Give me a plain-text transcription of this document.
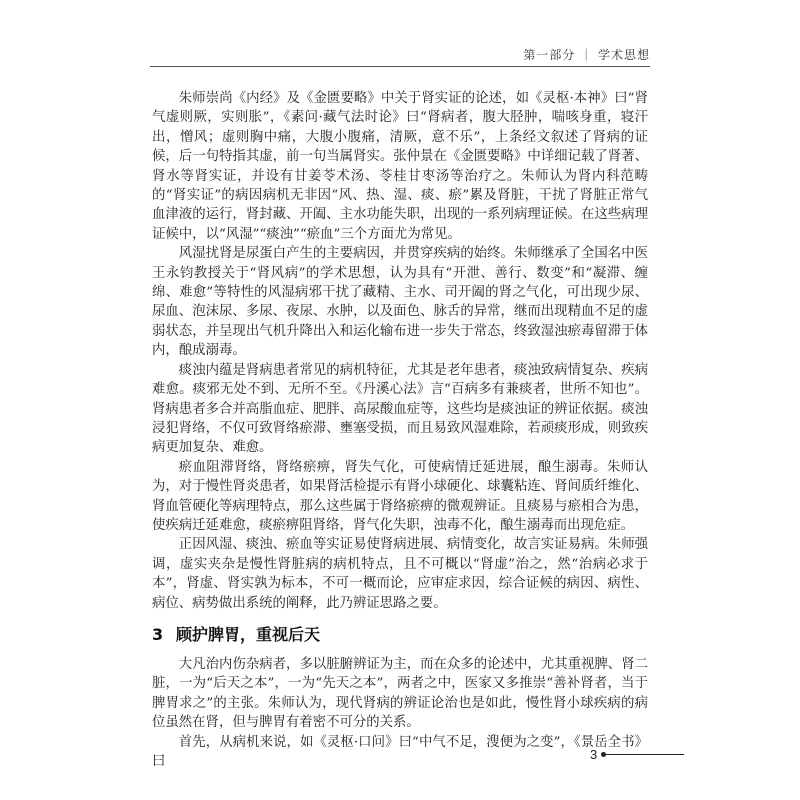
第一部分 ｜ 学术思想

朱师崇尚《内经》及《金匮要略》中关于肾实证的论述，如《灵枢·本神》曰“肾气虚则厥，实则胀”，《素问·藏气法时论》曰“肾病者，腹大胫肿，喘咳身重，寝汗出，憎风；虚则胸中痛，大腹小腹痛，清厥，意不乐”，上条经文叙述了肾病的证候，后一句特指其虚，前一句当属肾实。张仲景在《金匮要略》中详细记载了肾著、肾水等肾实证，并设有甘姜苓术汤、苓桂甘枣汤等治疗之。朱师认为肾内科范畴的“肾实证”的病因病机无非因“风、热、湿、痰、瘀”累及肾脏，干扰了肾脏正常气血津液的运行，肾封藏、开阖、主水功能失职，出现的一系列病理证候。在这些病理证候中，以“风湿”“痰浊”“瘀血”三个方面尤为常见。

风湿扰肾是尿蛋白产生的主要病因，并贯穿疾病的始终。朱师继承了全国名中医王永钧教授关于“肾风病”的学术思想，认为具有“开泄、善行、数变”和“凝滞、缠绵、难愈”等特性的风湿病邪干扰了藏精、主水、司开阖的肾之气化，可出现少尿、尿血、泡沫尿、多尿、夜尿、水肿，以及面色、脉舌的异常，继而出现精血不足的虚弱状态，并呈现出气机升降出入和运化输布进一步失于常态，终致湿浊瘀毒留滞于体内，酿成溺毒。

痰浊内蕴是肾病患者常见的病机特征，尤其是老年患者，痰浊致病情复杂、疾病难愈。痰邪无处不到、无所不至。《丹溪心法》言“百病多有兼痰者，世所不知也”。肾病患者多合并高脂血症、肥胖、高尿酸血症等，这些均是痰浊证的辨证依据。痰浊浸犯肾络，不仅可致肾络瘀滞、壅塞受损，而且易致风湿难除，若顽痰形成，则致疾病更加复杂、难愈。

瘀血阻滞肾络，肾络瘀痹，肾失气化，可使病情迁延进展，酿生溺毒。朱师认为，对于慢性肾炎患者，如果肾活检提示有肾小球硬化、球囊粘连、肾间质纤维化、肾血管硬化等病理特点，那么这些属于肾络瘀痹的微观辨证。且痰易与瘀相合为患，使疾病迁延难愈，痰瘀痹阻肾络，肾气化失职，浊毒不化，酿生溺毒而出现危症。

正因风湿、痰浊、瘀血等实证易使肾病进展、病情变化，故言实证易病。朱师强调，虚实夹杂是慢性肾脏病的病机特点，且不可概以“肾虚”治之，然“治病必求于本”，肾虚、肾实孰为标本，不可一概而论，应审症求因，综合证候的病因、病性、病位、病势做出系统的阐释，此乃辨证思路之要。

3 顾护脾胃，重视后天

大凡治内伤杂病者，多以脏腑辨证为主，而在众多的论述中，尤其重视脾、肾二脏，一为“后天之本”，一为“先天之本”，两者之中，医家又多推崇“善补肾者，当于脾胃求之”的主张。朱师认为，现代肾病的辨证论治也是如此，慢性肾小球疾病的病位虽然在肾，但与脾胃有着密不可分的关系。

首先，从病机来说，如《灵枢·口问》曰“中气不足，溲便为之变”，《景岳全书》曰	3
